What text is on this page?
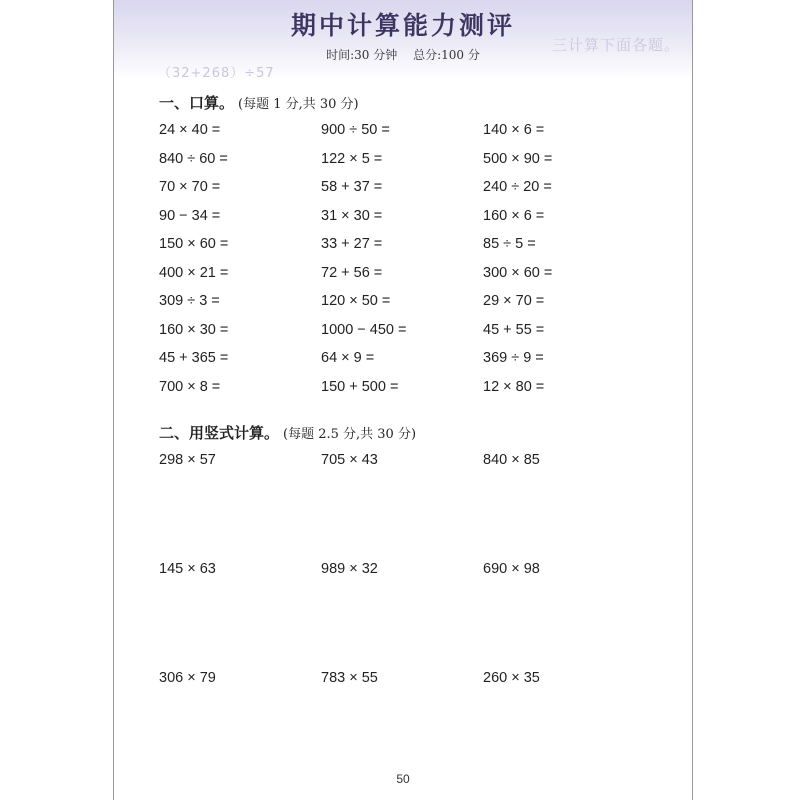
三计算下面各题。
（32+268）÷57
期中计算能力测评
时间:30 分钟 总分:100 分
一、口算。 (每题 1 分,共 30 分)
24 × 40 =	900 ÷ 50 =	140 × 6 =
840 ÷ 60 =	122 × 5 =	500 × 90 =
70 × 70 =	58 + 37 =	240 ÷ 20 =
90 − 34 =	31 × 30 =	160 × 6 =
150 × 60 =	33 + 27 =	85 ÷ 5 =
400 × 21 =	72 + 56 =	300 × 60 =
309 ÷ 3 =	120 × 50 =	29 × 70 =
160 × 30 =	1000 − 450 =	45 + 55 =
45 + 365 =	64 × 9 =	369 ÷ 9 =
700 × 8 =	150 + 500 =	12 × 80 =
二、用竖式计算。 (每题 2.5 分,共 30 分)
298 × 57	705 × 43	840 × 85
145 × 63	989 × 32	690 × 98
306 × 79	783 × 55	260 × 35
50
